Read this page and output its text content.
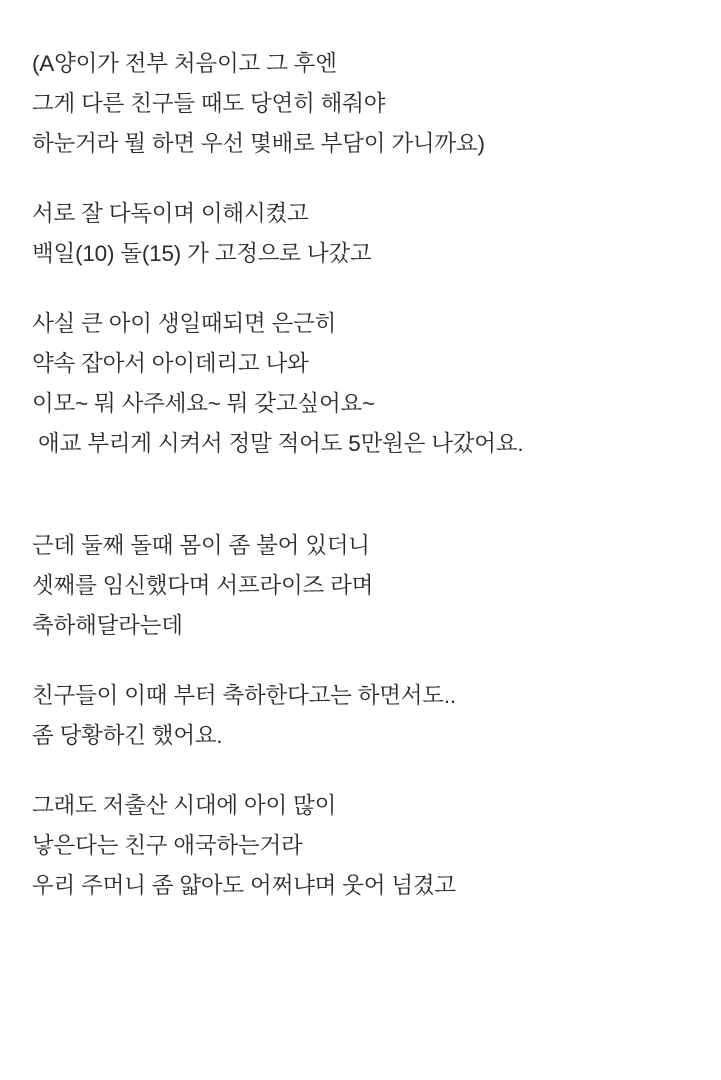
(A양이가 전부 처음이고 그 후엔
그게 다른 친구들 때도 당연히 해줘야
하눈거라 뭘 하면 우선 몇배로 부담이 가니까요)
서로 잘 다독이며 이해시켰고
백일(10) 돌(15) 가 고정으로 나갔고
사실 큰 아이 생일때되면 은근히
약속 잡아서 아이데리고 나와
이모~ 뭐 사주세요~ 뭐 갖고싶어요~
애교 부리게 시켜서 정말 적어도 5만원은 나갔어요.
근데 둘째 돌때 몸이 좀 불어 있더니
셋째를 임신했다며 서프라이즈 라며
축하해달라는데
친구들이 이때 부터 축하한다고는 하면서도..
좀 당황하긴 했어요.
그래도 저출산 시대에 아이 많이
낳은다는 친구 애국하는거라
우리 주머니 좀 얇아도 어쩌냐며 웃어 넘겼고
